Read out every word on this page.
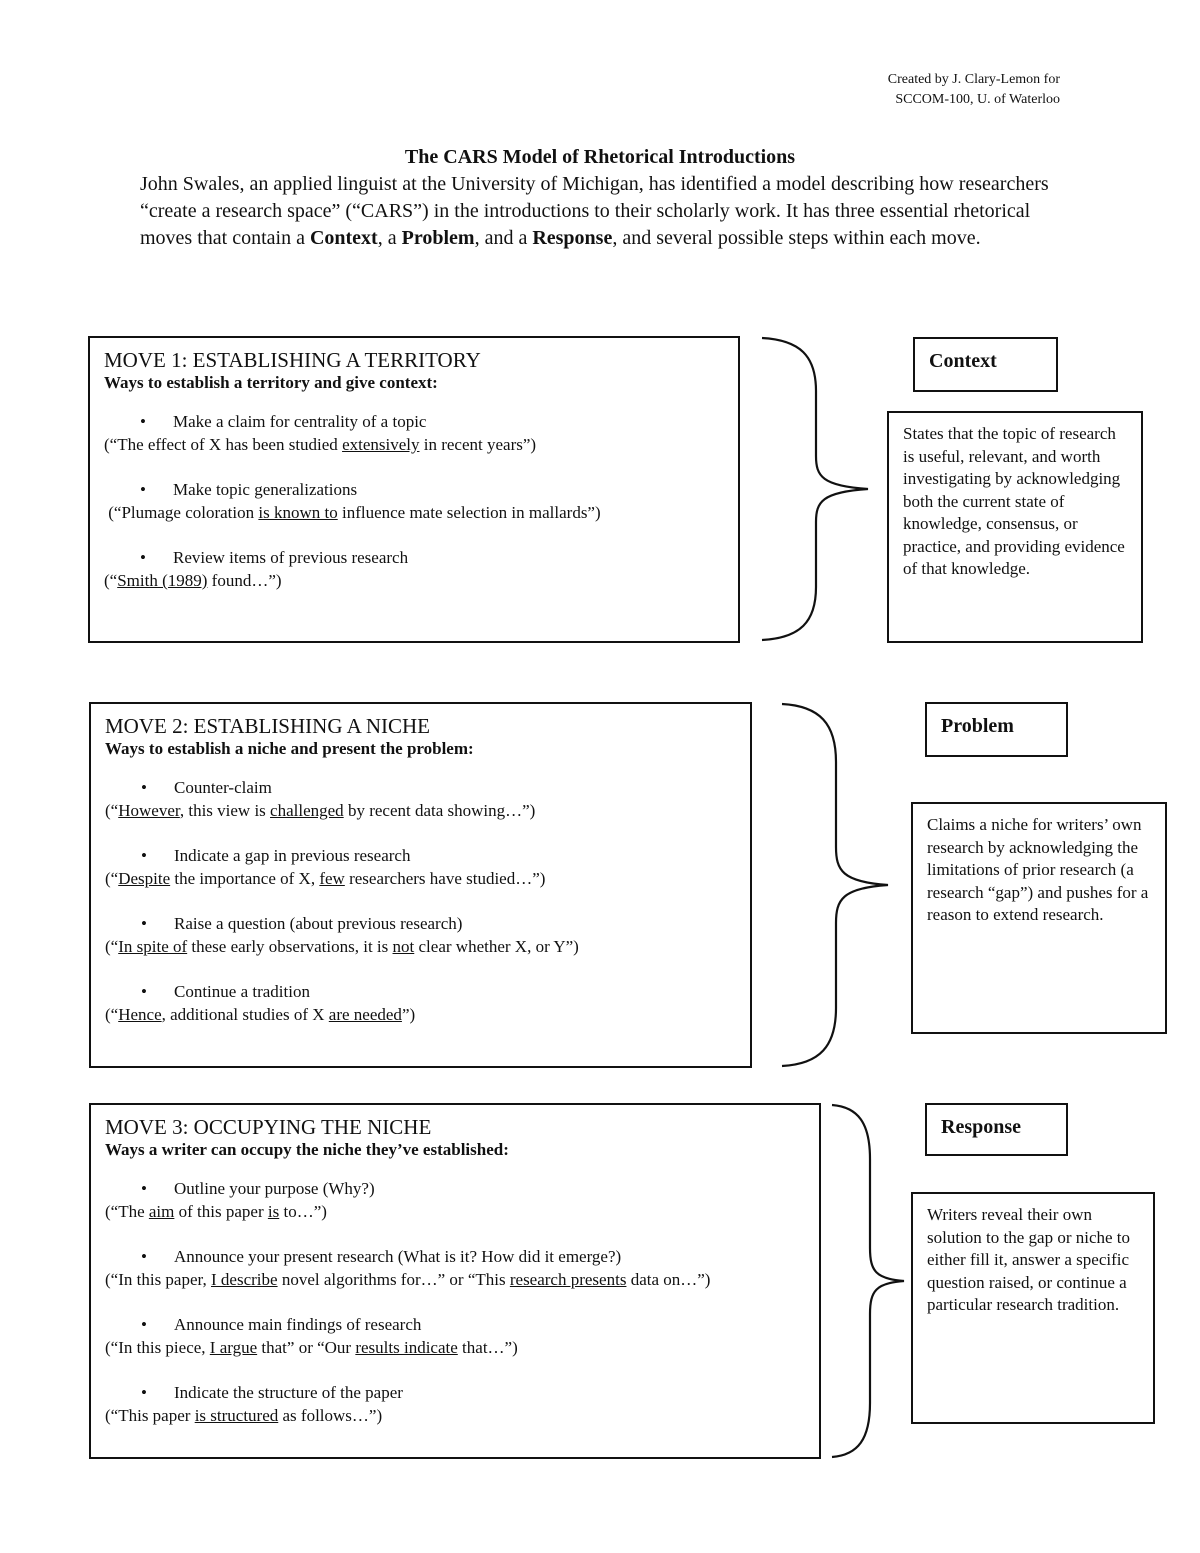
Created by J. Clary-Lemon for
SCCOM-100, U. of Waterloo
The CARS Model of Rhetorical Introductions
John Swales, an applied linguist at the University of Michigan, has identified a model describing how researchers “create a research space” (“CARS”) in the introductions to their scholarly work. It has three essential rhetorical moves that contain a Context, a Problem, and a Response, and several possible steps within each move.
MOVE 1: ESTABLISHING A TERRITORY
Ways to establish a territory and give context:
• Make a claim for centrality of a topic
(“The effect of X has been studied extensively in recent years”)
• Make topic generalizations
(“Plumage coloration is known to influence mate selection in mallards”)
• Review items of previous research
(“Smith (1989) found…”)
Context
States that the topic of research is useful, relevant, and worth investigating by acknowledging both the current state of knowledge, consensus, or practice, and providing evidence of that knowledge.
MOVE 2: ESTABLISHING A NICHE
Ways to establish a niche and present the problem:
• Counter-claim
(“However, this view is challenged by recent data showing…”)
• Indicate a gap in previous research
(“Despite the importance of X, few researchers have studied…”)
• Raise a question (about previous research)
(“In spite of these early observations, it is not clear whether X, or Y”)
• Continue a tradition
(“Hence, additional studies of X are needed”)
Problem
Claims a niche for writers’ own research by acknowledging the limitations of prior research (a research “gap”) and pushes for a reason to extend research.
MOVE 3: OCCUPYING THE NICHE
Ways a writer can occupy the niche they’ve established:
• Outline your purpose (Why?)
(“The aim of this paper is to…”)
• Announce your present research (What is it? How did it emerge?)
(“In this paper, I describe novel algorithms for…” or “This research presents data on…”)
• Announce main findings of research
(“In this piece, I argue that” or “Our results indicate that…”)
• Indicate the structure of the paper
(“This paper is structured as follows…”)
Response
Writers reveal their own solution to the gap or niche to either fill it, answer a specific question raised, or continue a particular research tradition.
